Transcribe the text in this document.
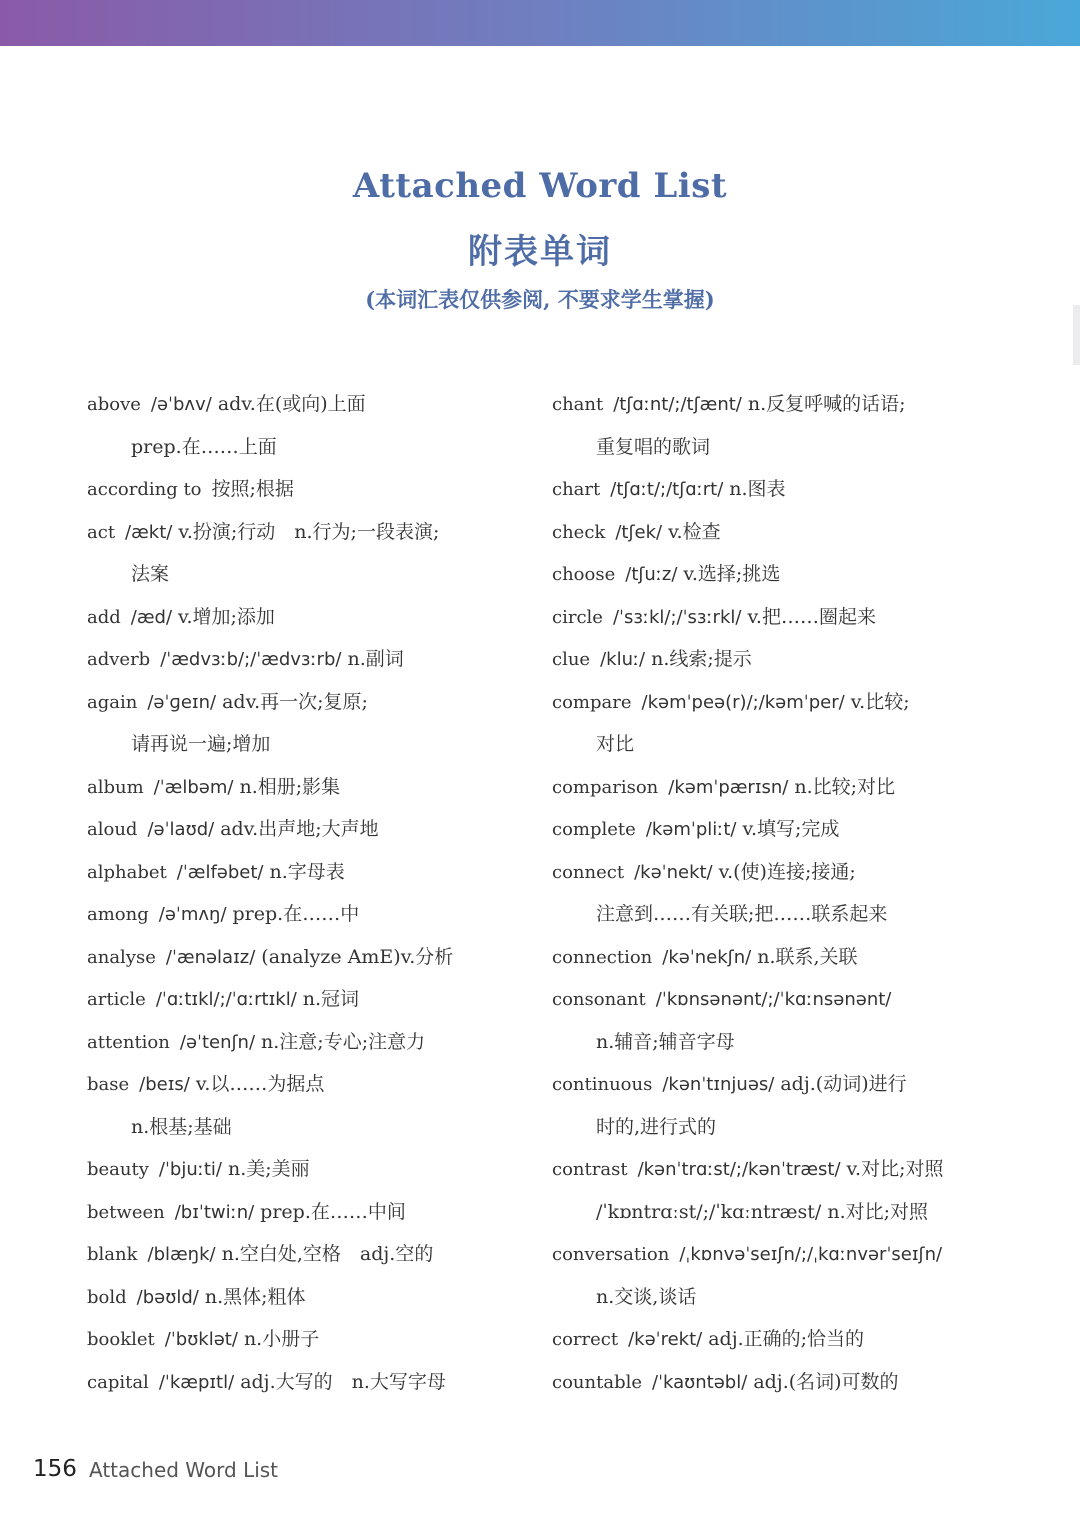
Attached Word List
附表单词
(本词汇表仅供参阅, 不要求学生掌握)
above /əˈbʌv/ adv.在(或向)上面
prep.在……上面
according to 按照;根据
act /ækt/ v.扮演;行动　n.行为;一段表演;
法案
add /æd/ v.增加;添加
adverb /ˈædvɜːb/;/ˈædvɜːrb/ n.副词
again /əˈɡeɪn/ adv.再一次;复原;
请再说一遍;增加
album /ˈælbəm/ n.相册;影集
aloud /əˈlaʊd/ adv.出声地;大声地
alphabet /ˈælfəbet/ n.字母表
among /əˈmʌŋ/ prep.在……中
analyse /ˈænəlaɪz/ (analyze AmE)v.分析
article /ˈɑːtɪkl/;/ˈɑːrtɪkl/ n.冠词
attention /əˈtenʃn/ n.注意;专心;注意力
base /beɪs/ v.以……为据点
n.根基;基础
beauty /ˈbjuːti/ n.美;美丽
between /bɪˈtwiːn/ prep.在……中间
blank /blæŋk/ n.空白处,空格　adj.空的
bold /bəʊld/ n.黑体;粗体
booklet /ˈbʊklət/ n.小册子
capital /ˈkæpɪtl/ adj.大写的　n.大写字母
chant /tʃɑːnt/;/tʃænt/ n.反复呼喊的话语;
重复唱的歌词
chart /tʃɑːt/;/tʃɑːrt/ n.图表
check /tʃek/ v.检查
choose /tʃuːz/ v.选择;挑选
circle /ˈsɜːkl/;/ˈsɜːrkl/ v.把……圈起来
clue /kluː/ n.线索;提示
compare /kəmˈpeə(r)/;/kəmˈper/ v.比较;
对比
comparison /kəmˈpærɪsn/ n.比较;对比
complete /kəmˈpliːt/ v.填写;完成
connect /kəˈnekt/ v.(使)连接;接通;
注意到……有关联;把……联系起来
connection /kəˈnekʃn/ n.联系,关联
consonant /ˈkɒnsənənt/;/ˈkɑːnsənənt/
n.辅音;辅音字母
continuous /kənˈtɪnjuəs/ adj.(动词)进行
时的,进行式的
contrast /kənˈtrɑːst/;/kənˈtræst/ v.对比;对照
/ˈkɒntrɑːst/;/ˈkɑːntræst/ n.对比;对照
conversation /ˌkɒnvəˈseɪʃn/;/ˌkɑːnvərˈseɪʃn/
n.交谈,谈话
correct /kəˈrekt/ adj.正确的;恰当的
countable /ˈkaʊntəbl/ adj.(名词)可数的
156 Attached Word List
